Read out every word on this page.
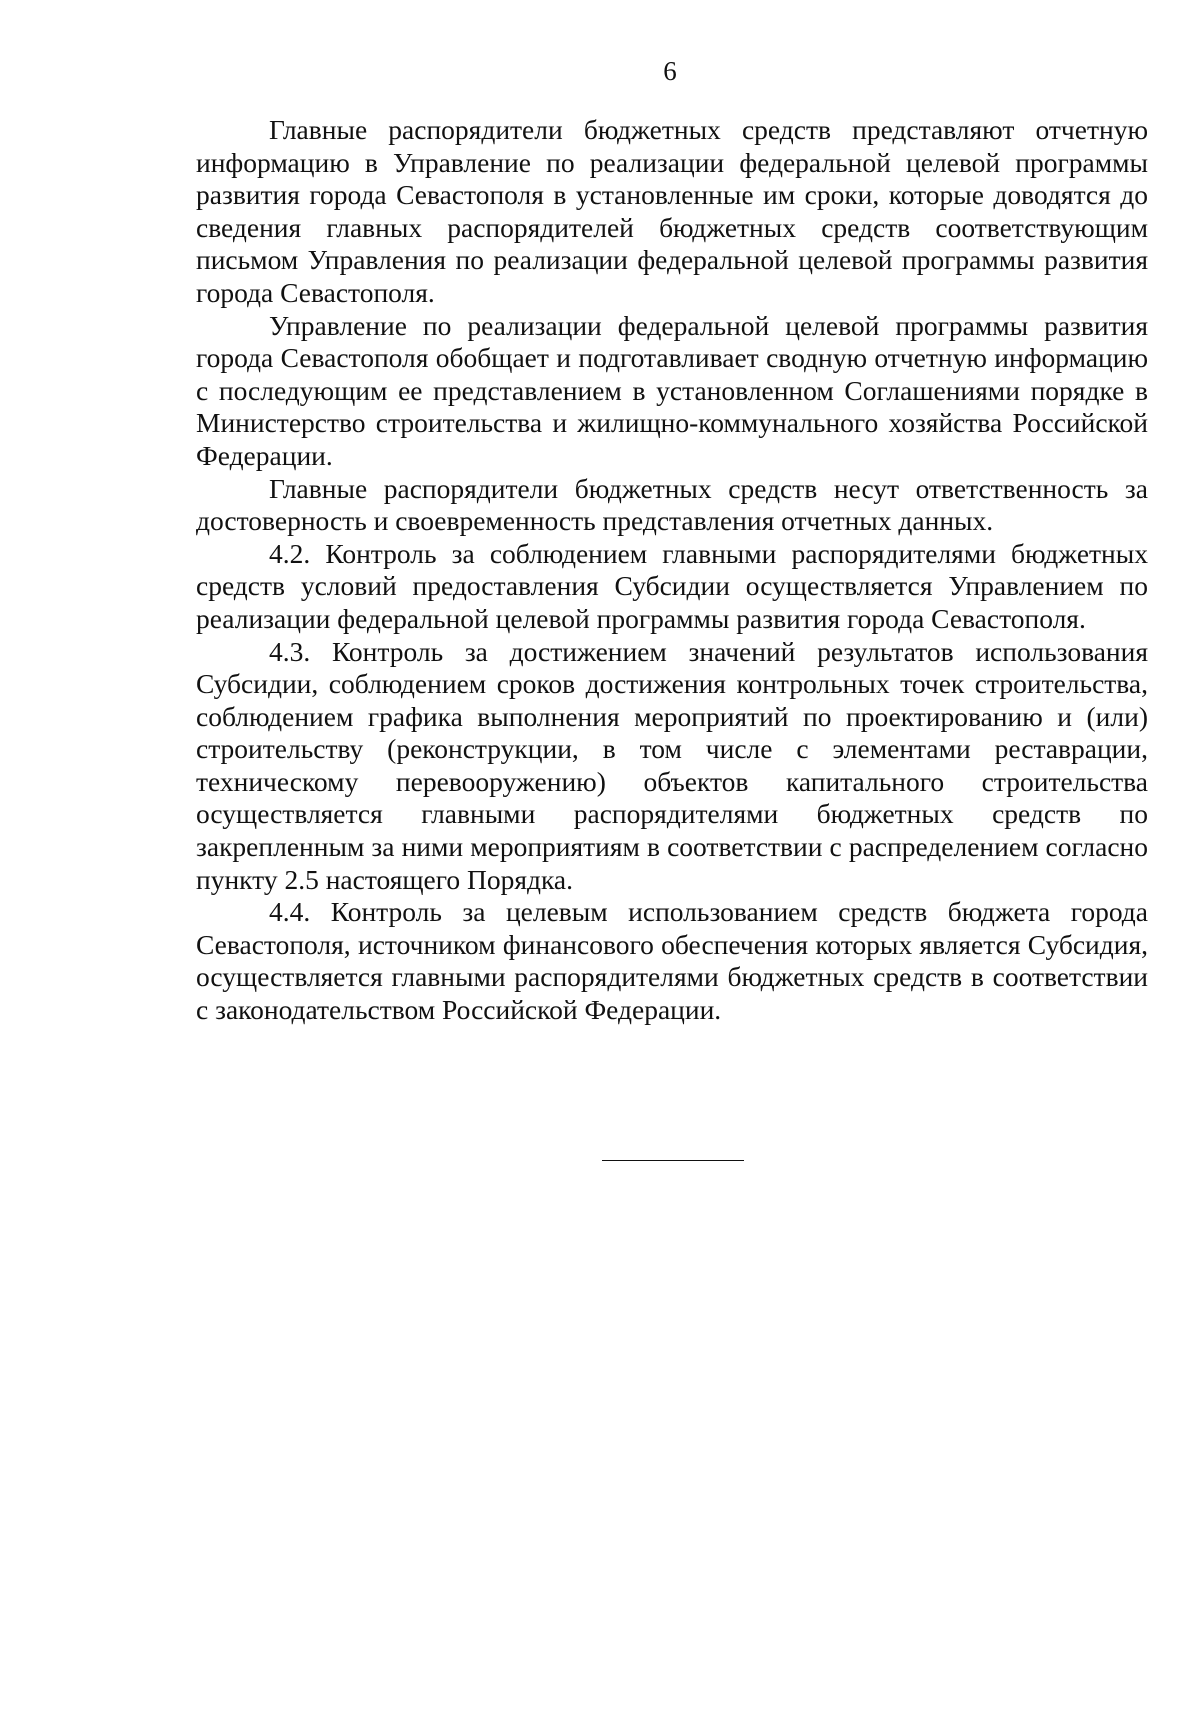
6

Главные распорядители бюджетных средств представляют отчетную информацию в Управление по реализации федеральной целевой программы развития города Севастополя в установленные им сроки, которые доводятся до сведения главных распорядителей бюджетных средств соответствующим письмом Управления по реализации федеральной целевой программы развития города Севастополя.

Управление по реализации федеральной целевой программы развития города Севастополя обобщает и подготавливает сводную отчетную информацию с последующим ее представлением в установленном Соглашениями порядке в Министерство строительства и жилищно-коммунального хозяйства Российской Федерации.

Главные распорядители бюджетных средств несут ответственность за достоверность и своевременность представления отчетных данных.

4.2. Контроль за соблюдением главными распорядителями бюджетных средств условий предоставления Субсидии осуществляется Управлением по реализации федеральной целевой программы развития города Севастополя.

4.3. Контроль за достижением значений результатов использования Субсидии, соблюдением сроков достижения контрольных точек строительства, соблюдением графика выполнения мероприятий по проектированию и (или) строительству (реконструкции, в том числе с элементами реставрации, техническому перевооружению) объектов капитального строительства осуществляется главными распорядителями бюджетных средств по закрепленным за ними мероприятиям в соответствии с распределением согласно пункту 2.5 настоящего Порядка.

4.4. Контроль за целевым использованием средств бюджета города Севастополя, источником финансового обеспечения которых является Субсидия, осуществляется главными распорядителями бюджетных средств в соответствии с законодательством Российской Федерации.
